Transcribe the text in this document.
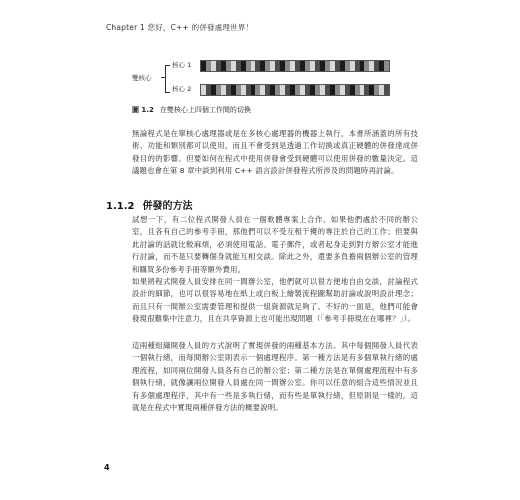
Chapter 1 您好，C++ 的併發處理世界！
雙核心
核心 1
核心 2
圖 1.2 在雙核心上四個工作間的切換
無論程式是在單核心處理器或是在多核心處理器的機器上執行，本書所涵蓋的所有技術、功能和類別都可以使用，而且不會受到是透過工作切換或真正硬體的併發達成併發目的的影響。但要如何在程式中使用併發會受到硬體可以使用併發的數量決定。這議題也會在第 8 章中談到利用 C++ 語言設計併發程式所涉及的問題時再討論。
1.1.2 併發的方法
試想一下，有二位程式開發人員在一個軟體專案上合作。如果他們處於不同的辦公室，且各有自己的參考手冊，那他們可以不受互相干擾的專注於自己的工作；但要與此討論的話就比較麻煩，必須使用電話、電子郵件，或者起身走到對方辦公室才能進行討論，而不是只要轉個身就能互相交談。除此之外，還要多負擔兩個辦公室的管理和購買多份參考手冊等額外費用。
如果將程式開發人員安排在同一間辦公室，他們就可以很方便地自由交談，討論程式設計的細節，也可以很容易地在紙上或白板上繪製流程圖幫助討論或說明設計理念；而且只有一間辦公室需要管理和提供一組資源就足夠了。不好的一面是，他們可能會發現很難集中注意力，且在共享資源上也可能出現問題（「參考手冊現在在哪裡？」）。
這兩種組織開發人員的方式說明了實現併發的兩種基本方法。其中每個開發人員代表一個執行緒，而每間辦公室則表示一個處理程序。第一種方法是有多個單執行緒的處理流程，如同兩位開發人員各有自己的辦公室；第二種方法是在單個處理流程中有多個執行緒，就像讓兩位開發人員處在同一間辦公室。你可以任意的組合這些情況並且有多個處理程序，其中有一些是多執行緒，而有些是單執行緒，但原則是一樣的。這就是在程式中實現兩種併發方法的概要說明。
4
